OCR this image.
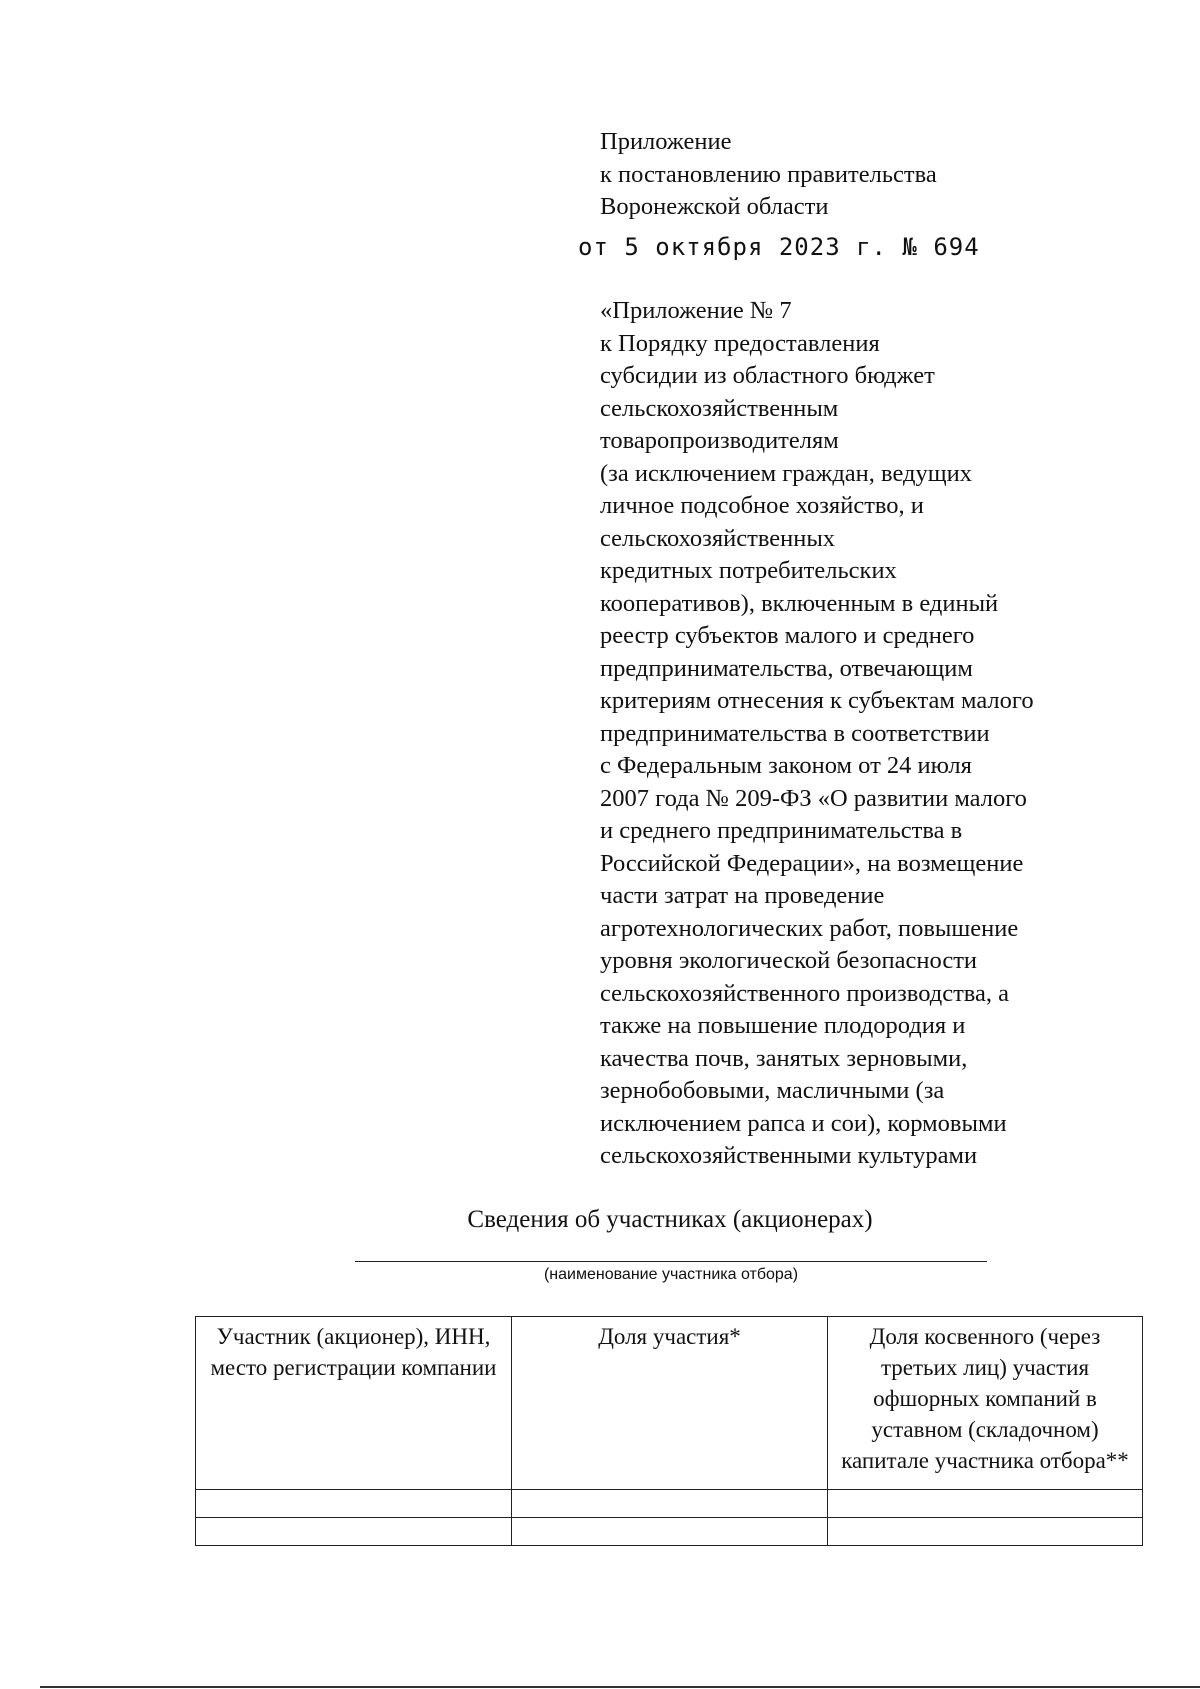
Приложение
к постановлению правительства
Воронежской области
от 5 октября 2023 г. № 694
«Приложение № 7
к Порядку предоставления
субсидии из областного бюджет
сельскохозяйственным
товаропроизводителям
(за исключением граждан, ведущих
личное подсобное хозяйство, и
сельскохозяйственных
кредитных потребительских
кооперативов), включенным в единый
реестр субъектов малого и среднего
предпринимательства, отвечающим
критериям отнесения к субъектам малого
предпринимательства в соответствии
с Федеральным законом от 24 июля
2007 года № 209-ФЗ «О развитии малого
и среднего предпринимательства в
Российской Федерации», на возмещение
части затрат на проведение
агротехнологических работ, повышение
уровня экологической безопасности
сельскохозяйственного производства, а
также на повышение плодородия и
качества почв, занятых зерновыми,
зернобобовыми, масличными (за
исключением рапса и сои), кормовыми
сельскохозяйственными культурами
Сведения об участниках (акционерах)
(наименование участника отбора)
Участник (акционер), ИНН, место регистрации компании	Доля участия*	Доля косвенного (через третьих лиц) участия офшорных компаний в уставном (складочном) капитале участника отбора**
